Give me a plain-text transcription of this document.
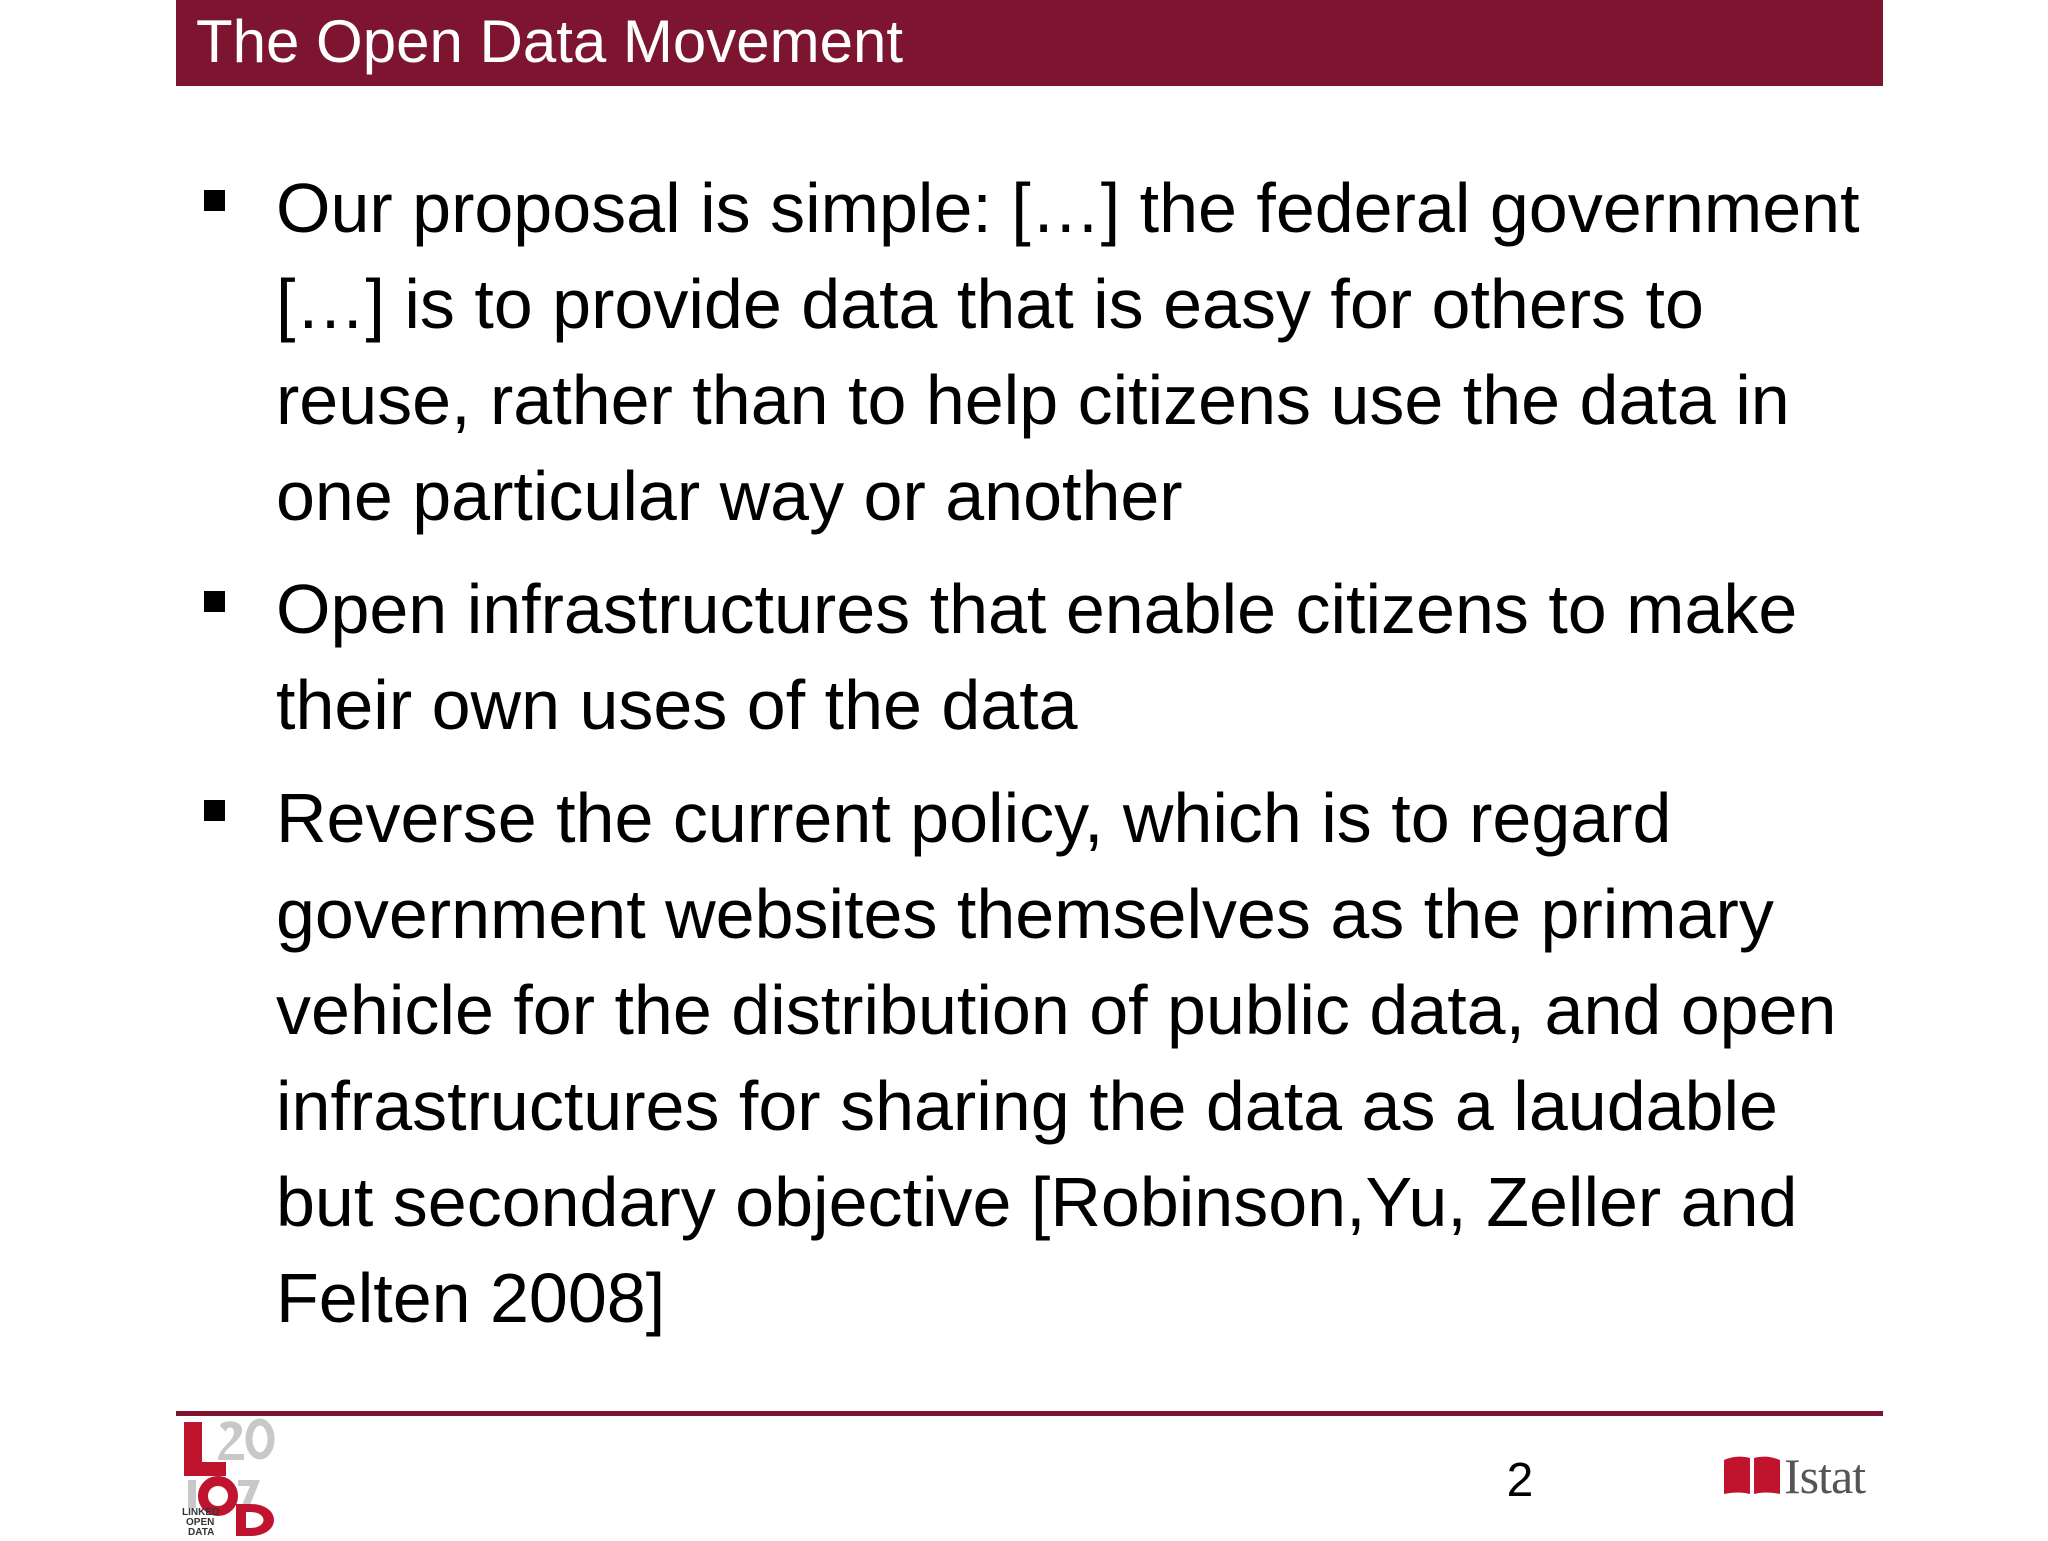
The Open Data Movement
Our proposal is simple: […] the federal government […] is to provide data that is easy for others to reuse, rather than to help citizens use the data in one particular way or another
Open infrastructures that enable citizens to make their own uses of the data
Reverse the current policy, which is to regard government websites themselves as the primary vehicle for the distribution of public data, and open infrastructures for sharing the data as a laudable but secondary objective [Robinson,Yu, Zeller and Felten 2008]
LINKED
OPEN
DATA
2	Istat
